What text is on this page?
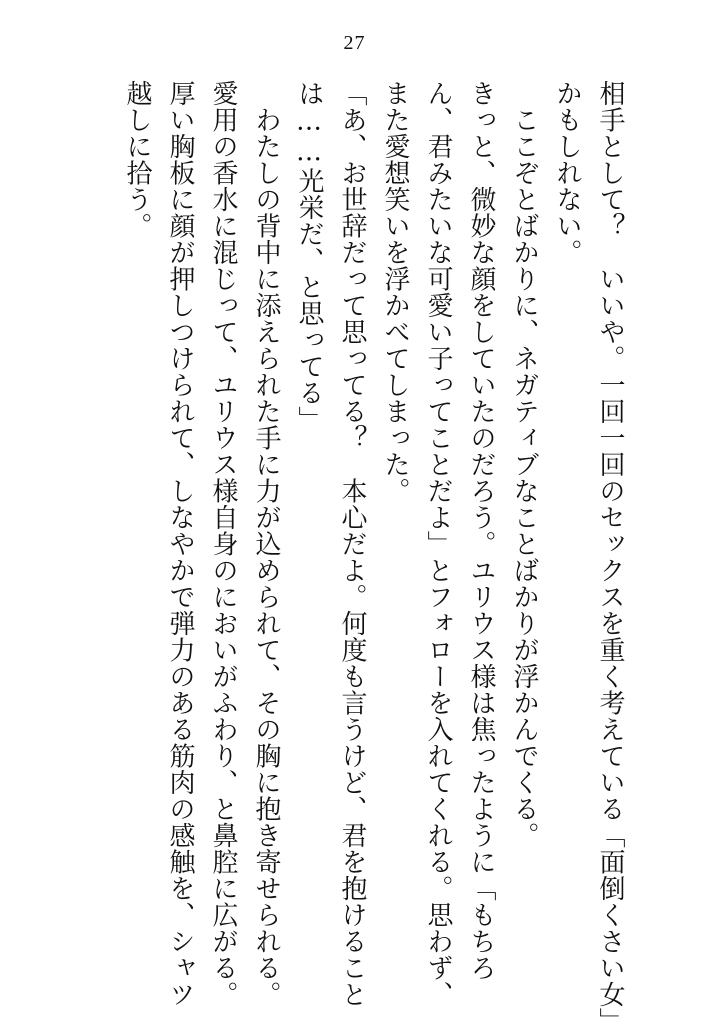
27
相手として？　いいや。一回一回のセックスを重く考えている「面倒くさい女」
かもしれない。
　ここぞとばかりに、ネガティブなことばかりが浮かんでくる。
きっと、微妙な顔をしていたのだろう。ユリウス様は焦ったように「もちろ
ん、君みたいな可愛い子ってことだよ」とフォローを入れてくれる。思わず、
また愛想笑いを浮かべてしまった。
「あ、お世辞だって思ってる？　本心だよ。何度も言うけど、君を抱けること
は……光栄だ、と思ってる」
　わたしの背中に添えられた手に力が込められて、その胸に抱き寄せられる。
愛用の香水に混じって、ユリウス様自身のにおいがふわり、と鼻腔に広がる。
厚い胸板に顔が押しつけられて、しなやかで弾力のある筋肉の感触を、シャツ
越しに拾う。
